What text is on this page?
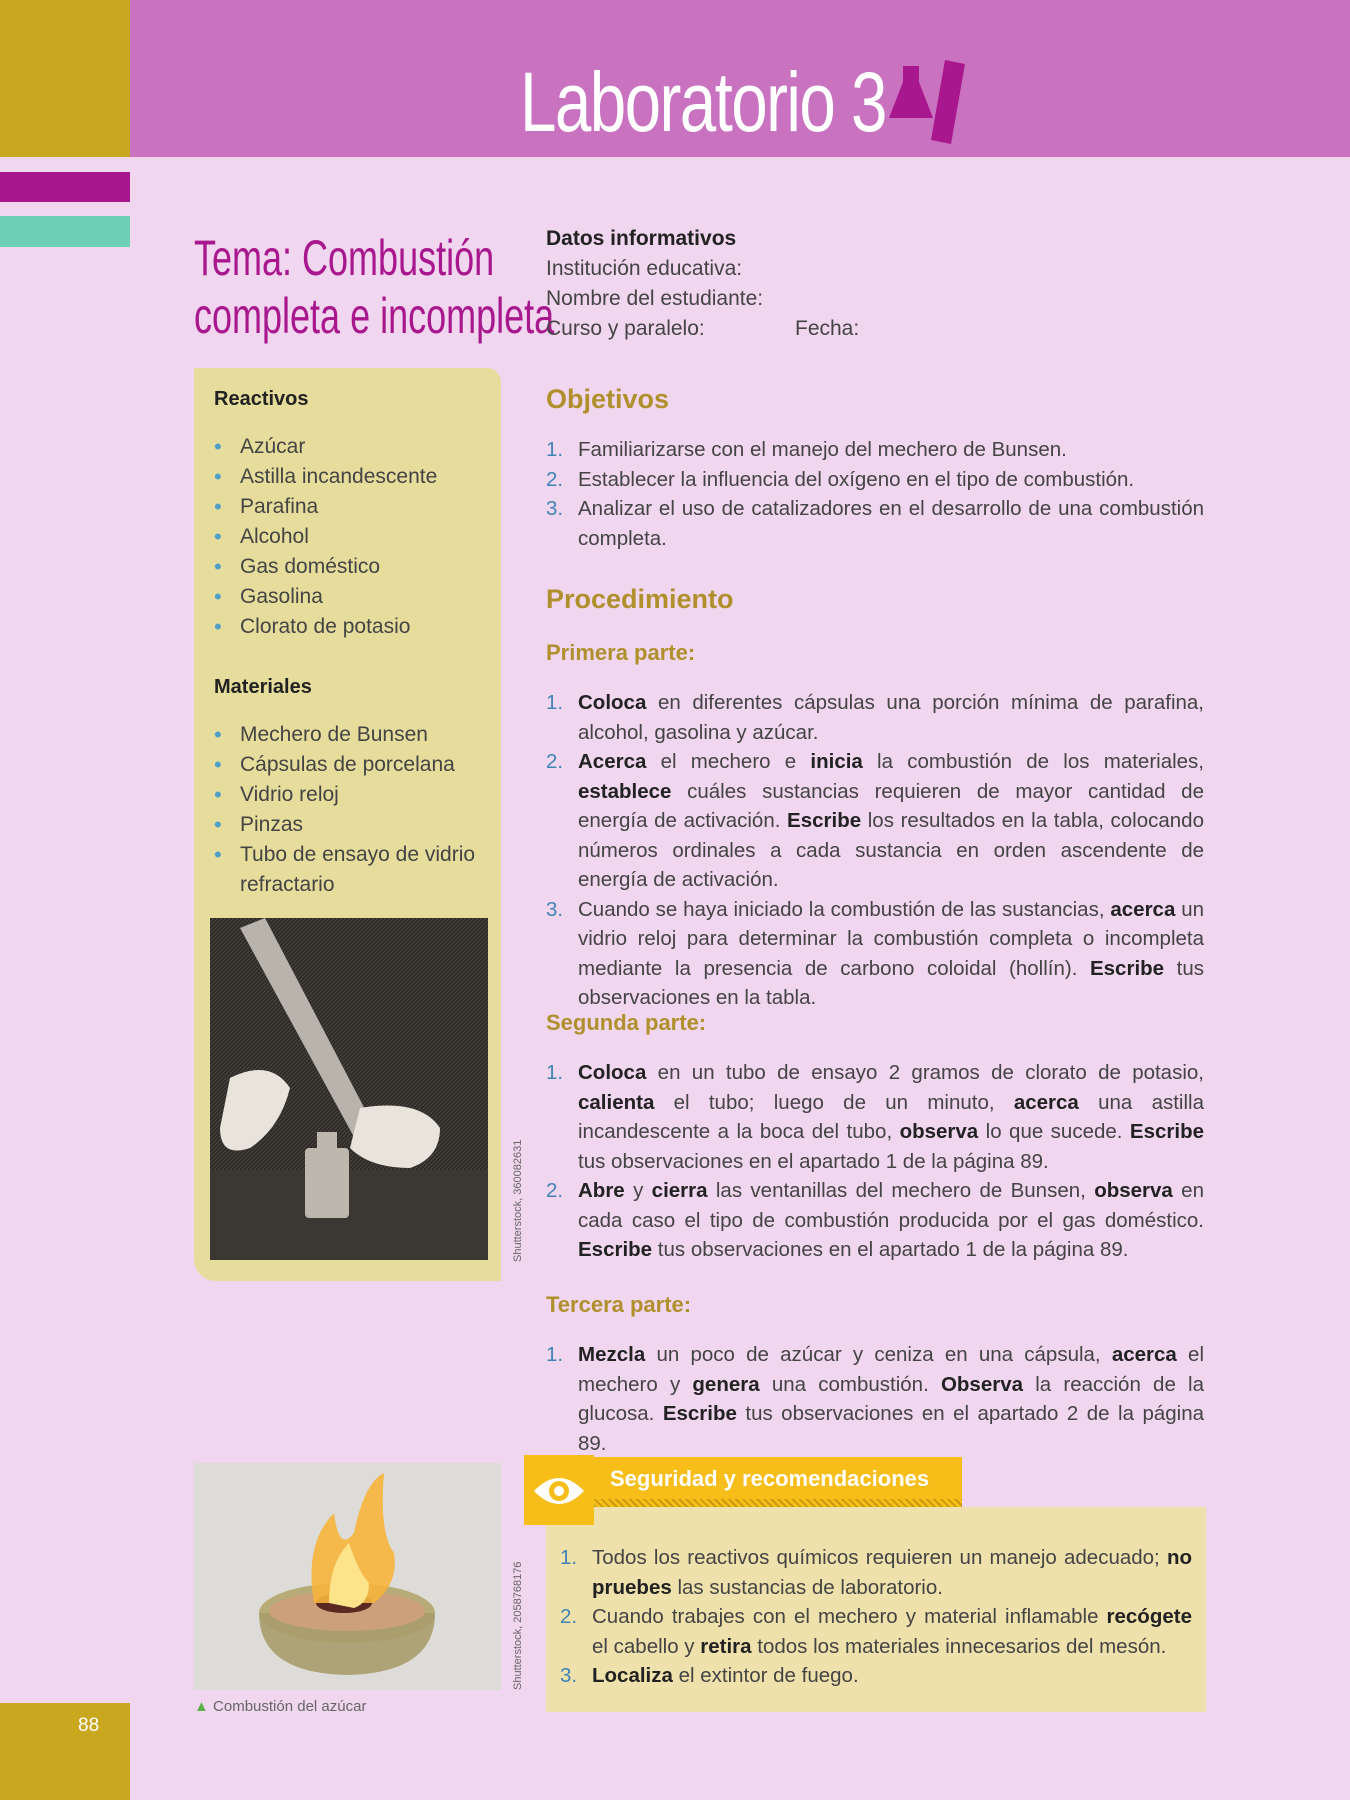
Laboratorio 3
Tema: Combustión
completa e incompleta
Datos informativos
Institución educativa:
Nombre del estudiante:
Curso y paralelo:	Fecha:
Reactivos
• Azúcar
• Astilla incandescente
• Parafina
• Alcohol
• Gas doméstico
• Gasolina
• Clorato de potasio
Materiales
• Mechero de Bunsen
• Cápsulas de porcelana
• Vidrio reloj
• Pinzas
• Tubo de ensayo de vidrio refractario
Shutterstock, 360082631
Objetivos
1. Familiarizarse con el manejo del mechero de Bunsen.
2. Establecer la influencia del oxígeno en el tipo de combustión.
3. Analizar el uso de catalizadores en el desarrollo de una combustión completa.
Procedimiento
Primera parte:
1. Coloca en diferentes cápsulas una porción mínima de parafina, alcohol, gasolina y azúcar.
2. Acerca el mechero e inicia la combustión de los materiales, establece cuáles sustancias requieren de mayor cantidad de energía de activación. Escribe los resultados en la tabla, colocando números ordinales a cada sustancia en orden ascendente de energía de activación.
3. Cuando se haya iniciado la combustión de las sustancias, acerca un vidrio reloj para determinar la combustión completa o incompleta mediante la presencia de carbono coloidal (hollín). Escribe tus observaciones en la tabla.
Segunda parte:
1. Coloca en un tubo de ensayo 2 gramos de clorato de potasio, calienta el tubo; luego de un minuto, acerca una astilla incandescente a la boca del tubo, observa lo que sucede. Escribe tus observaciones en el apartado 1 de la página 89.
2. Abre y cierra las ventanillas del mechero de Bunsen, observa en cada caso el tipo de combustión producida por el gas doméstico. Escribe tus observaciones en el apartado 1 de la página 89.
Tercera parte:
1. Mezcla un poco de azúcar y ceniza en una cápsula, acerca el mechero y genera una combustión. Observa la reacción de la glucosa. Escribe tus observaciones en el apartado 2 de la página 89.
Shutterstock, 2058768176
▲ Combustión del azúcar
1. Todos los reactivos químicos requieren un manejo adecuado; no pruebes las sustancias de laboratorio.
2. Cuando trabajes con el mechero y material inflamable recógete el cabello y retira todos los materiales innecesarios del mesón.
3. Localiza el extintor de fuego.
Seguridad y recomendaciones
88
